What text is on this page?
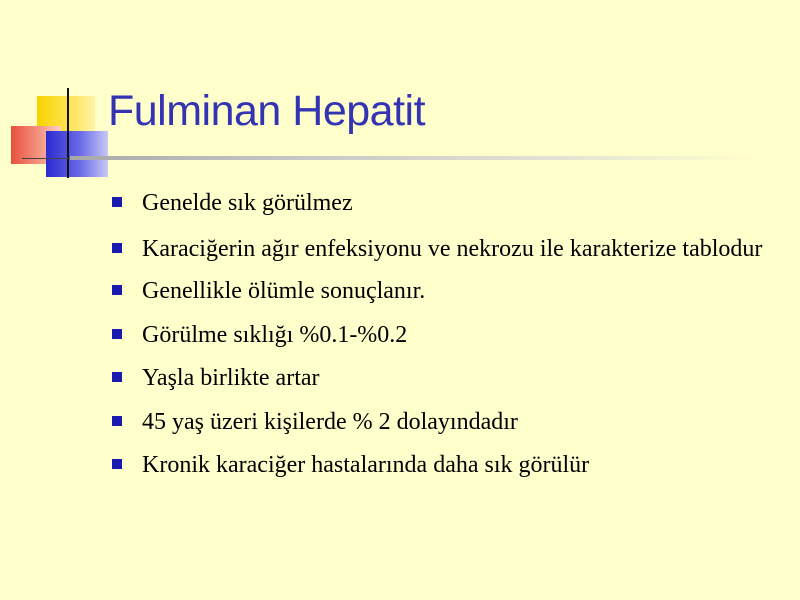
Fulminan Hepatit
Genelde sık görülmez
Karaciğerin ağır enfeksiyonu ve nekrozu ile karakterize tablodur
Genellikle ölümle sonuçlanır.
Görülme sıklığı %0.1-%0.2
Yaşla birlikte artar
45 yaş üzeri kişilerde % 2 dolayındadır
Kronik karaciğer hastalarında daha sık görülür
